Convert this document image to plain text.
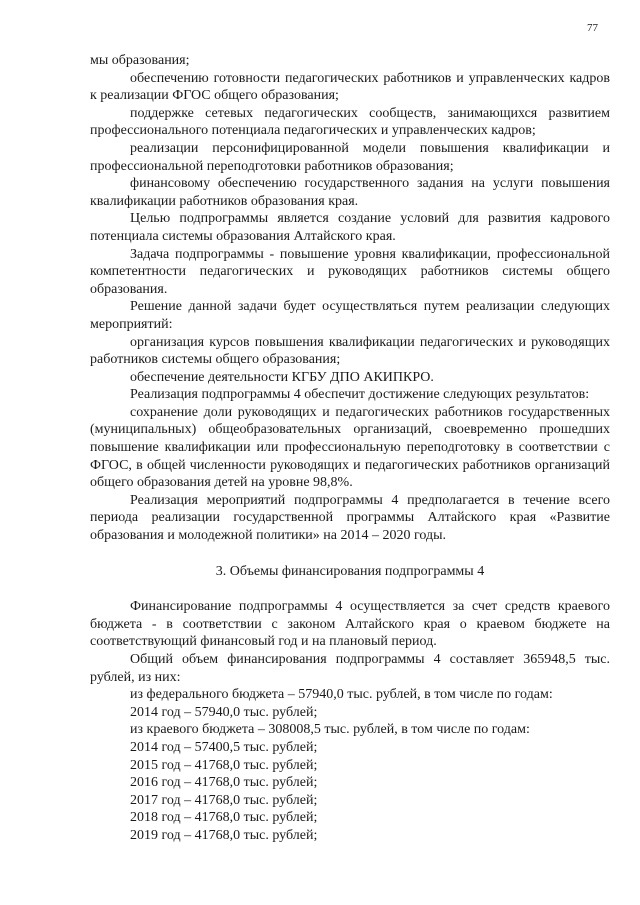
77

мы образования;

обеспечению готовности педагогических работников и управленческих кадров к реализации ФГОС общего образования;

поддержке сетевых педагогических сообществ, занимающихся развитием профессионального потенциала педагогических и управленческих кадров;

реализации персонифицированной модели повышения квалификации и профессиональной переподготовки работников образования;

финансовому обеспечению государственного задания на услуги повышения квалификации работников образования края.

Целью подпрограммы является создание условий для развития кадрового потенциала системы образования Алтайского края.

Задача подпрограммы - повышение уровня квалификации, профессиональной компетентности педагогических и руководящих работников системы общего образования.

Решение данной задачи будет осуществляться путем реализации следующих мероприятий:

организация курсов повышения квалификации педагогических и руководящих работников системы общего образования;

обеспечение деятельности КГБУ ДПО АКИПКРО.

Реализация подпрограммы 4 обеспечит достижение следующих результатов:

сохранение доли руководящих и педагогических работников государственных (муниципальных) общеобразовательных организаций, своевременно прошедших повышение квалификации или профессиональную переподготовку в соответствии с ФГОС, в общей численности руководящих и педагогических работников организаций общего образования детей на уровне 98,8%.

Реализация мероприятий подпрограммы 4 предполагается в течение всего периода реализации государственной программы Алтайского края «Развитие образования и молодежной политики» на 2014 – 2020 годы.

3. Объемы финансирования подпрограммы 4

Финансирование подпрограммы 4 осуществляется за счет средств краевого бюджета - в соответствии с законом Алтайского края о краевом бюджете на соответствующий финансовый год и на плановый период.

Общий объем финансирования подпрограммы 4 составляет 365948,5 тыс. рублей, из них:

из федерального бюджета – 57940,0 тыс. рублей, в том числе по годам:

2014 год – 57940,0 тыс. рублей;

из краевого бюджета – 308008,5 тыс. рублей, в том числе по годам:

2014 год – 57400,5 тыс. рублей;

2015 год – 41768,0 тыс. рублей;

2016 год – 41768,0 тыс. рублей;

2017 год – 41768,0 тыс. рублей;

2018 год – 41768,0 тыс. рублей;

2019 год – 41768,0 тыс. рублей;
